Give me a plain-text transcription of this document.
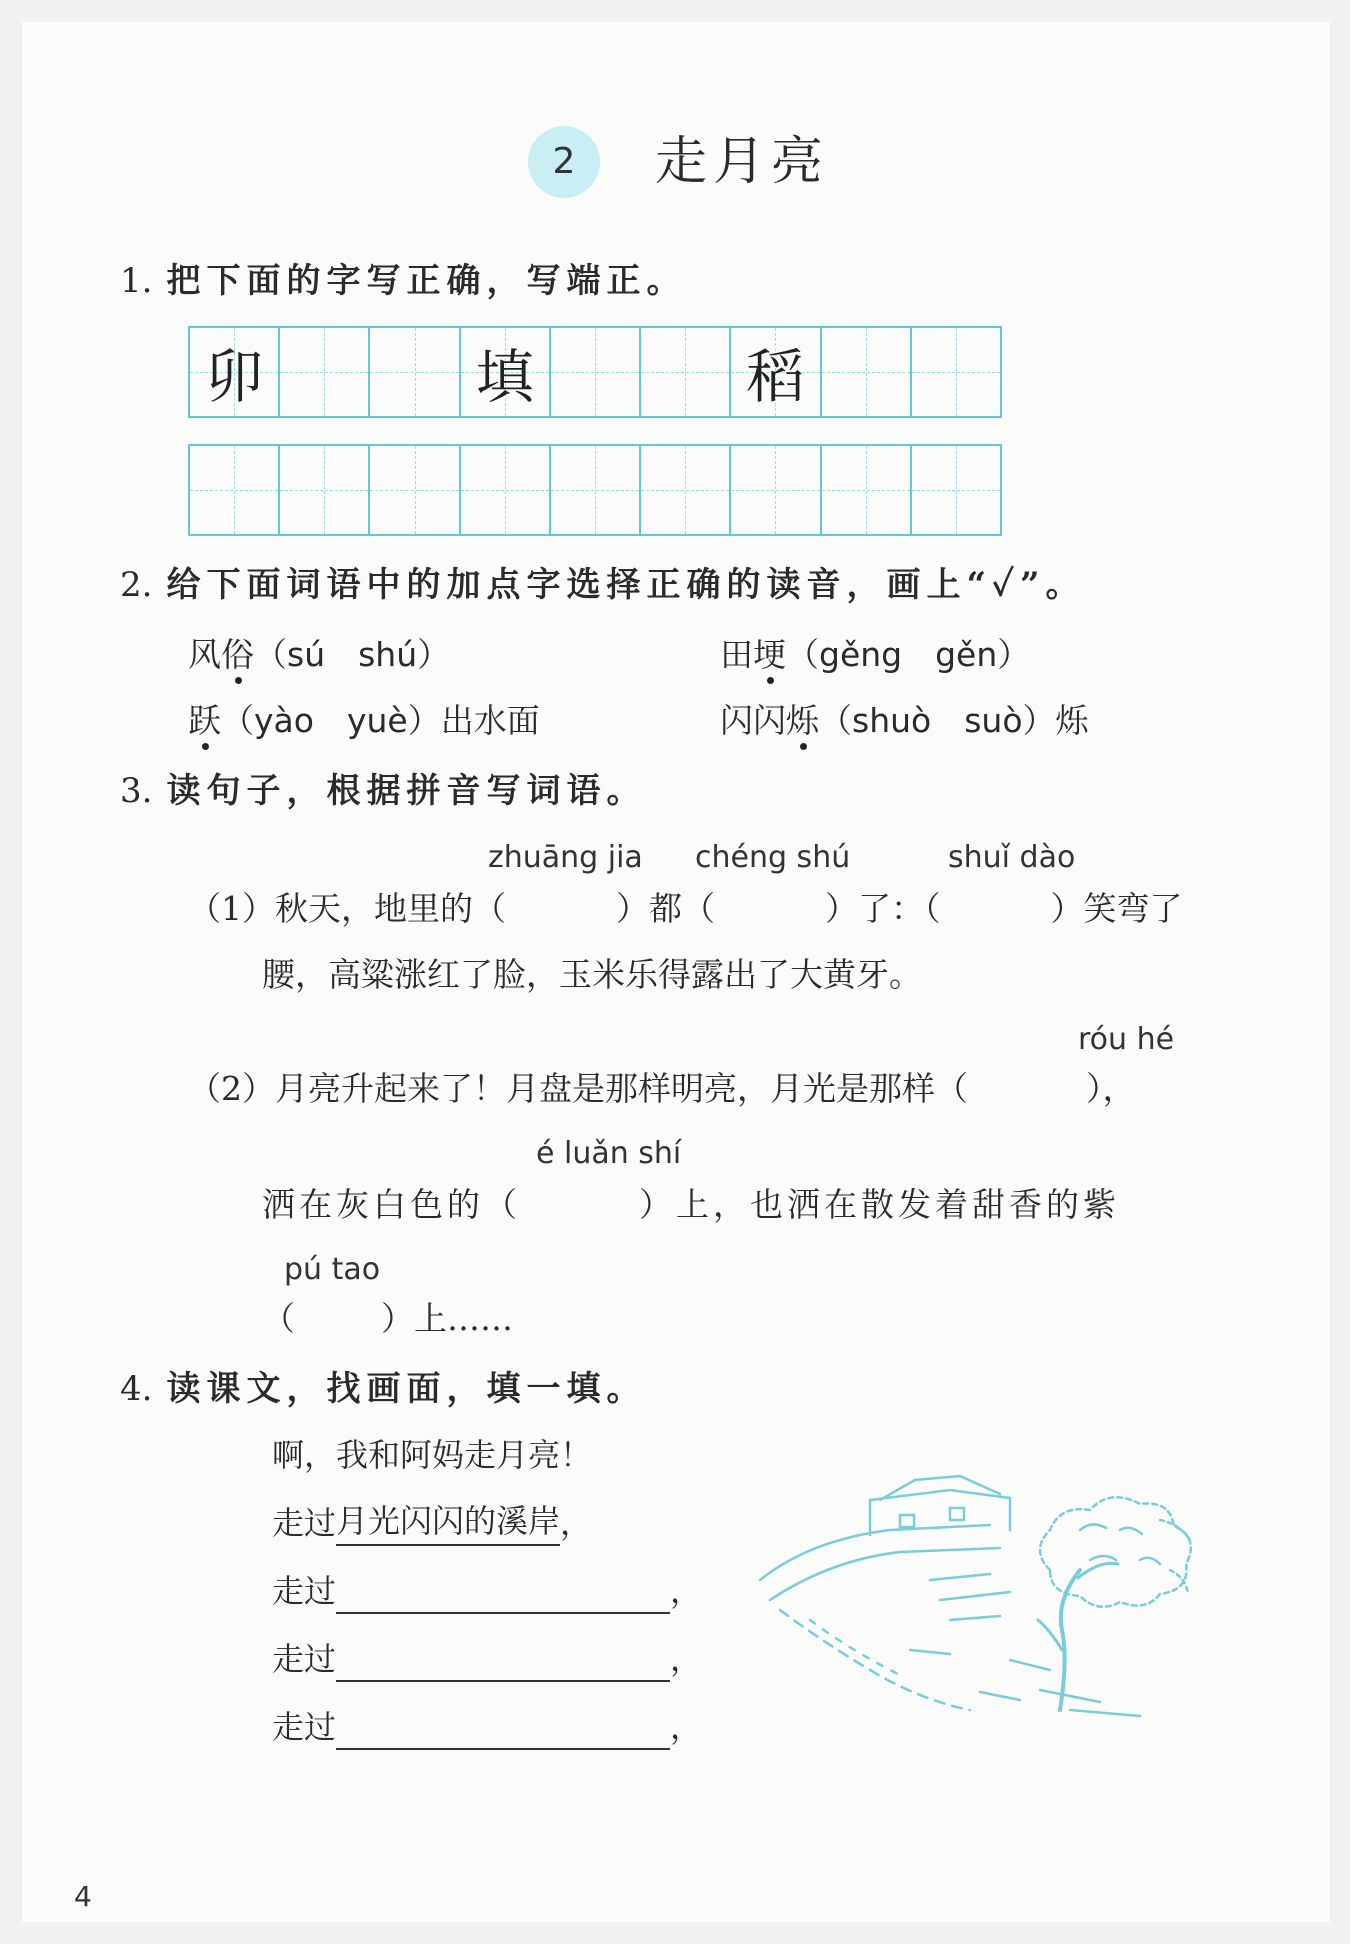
2	走月亮
1. 把下面的字写正确，写端正。
卯	填	稻
2. 给下面词语中的加点字选择正确的读音，画上“✓”。
风俗（sú　shú）	田埂（gěng　gěn）
跃（yào　yuè）出水面	闪闪烁（shuò　suò）烁
3. 读句子，根据拼音写词语。
zhuāng jia chéng shú	shuǐ dào
（1）秋天，地里的（	）都（	）了：（	）笑弯了
腰，高粱涨红了脸，玉米乐得露出了大黄牙。
róu hé
（2）月亮升起来了！月盘是那样明亮，月光是那样（	），
é luǎn shí
洒在灰白色的（	）上，也洒在散发着甜香的紫
pú tao
（	）上……
4. 读课文，找画面，填一填。
啊，我和阿妈走月亮！
走过月光闪闪的溪岸，
走过	，
走过	，
走过	，
4
